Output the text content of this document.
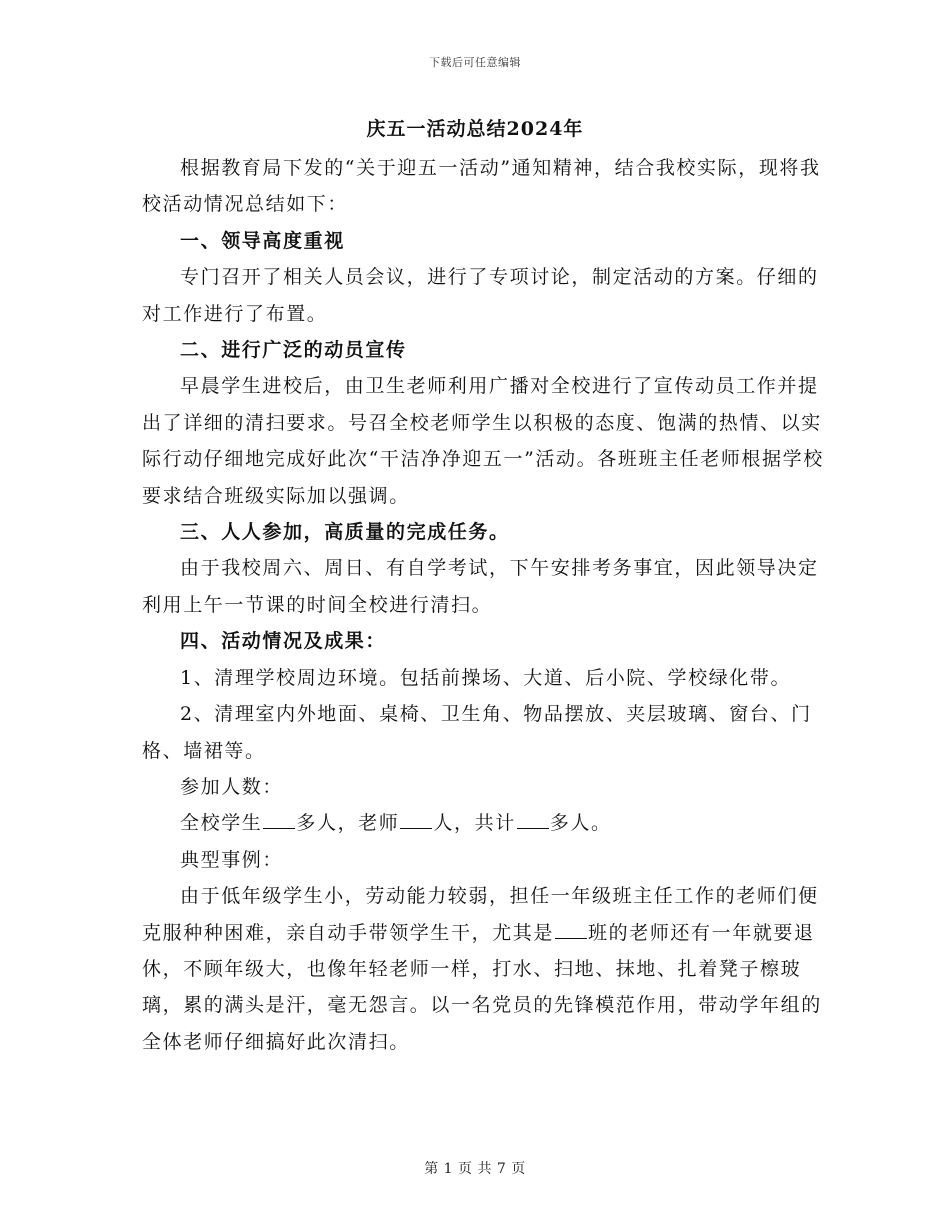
下载后可任意编辑
庆五一活动总结2024年

根据教育局下发的“关于迎五一活动”通知精神，结合我校实际，现将我校活动情况总结如下：

一、领导高度重视

专门召开了相关人员会议，进行了专项讨论，制定活动的方案。仔细的对工作进行了布置。

二、进行广泛的动员宣传

早晨学生进校后，由卫生老师利用广播对全校进行了宣传动员工作并提出了详细的清扫要求。号召全校老师学生以积极的态度、饱满的热情、以实际行动仔细地完成好此次“干洁净净迎五一”活动。各班班主任老师根据学校要求结合班级实际加以强调。

三、人人参加，高质量的完成任务。

由于我校周六、周日、有自学考试，下午安排考务事宜，因此领导决定利用上午一节课的时间全校进行清扫。

四、活动情况及成果：

1、清理学校周边环境。包括前操场、大道、后小院、学校绿化带。

2、清理室内外地面、桌椅、卫生角、物品摆放、夹层玻璃、窗台、门格、墙裙等。

参加人数：

全校学生 多人，老师 人，共计 多人。

典型事例：

由于低年级学生小，劳动能力较弱，担任一年级班主任工作的老师们便克服种种困难，亲自动手带领学生干，尤其是 班的老师还有一年就要退休，不顾年级大，也像年轻老师一样，打水、扫地、抹地、扎着凳子檫玻璃，累的满头是汗，毫无怨言。以一名党员的先锋模范作用，带动学年组的全体老师仔细搞好此次清扫。

第 1 页 共 7 页
